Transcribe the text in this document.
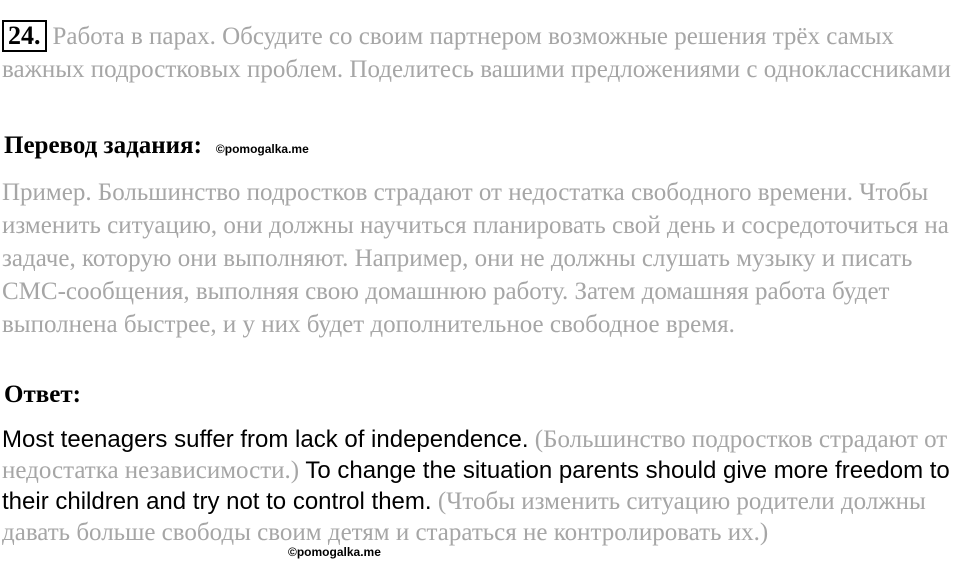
24. Работа в парах. Обсудите со своим партнером возможные решения трёх самых важных подростковых проблем. Поделитесь вашими предложениями с одноклассниками
Перевод задания: ©pomogalka.me
Пример. Большинство подростков страдают от недостатка свободного времени. Чтобы изменить ситуацию, они должны научиться планировать свой день и сосредоточиться на задаче, которую они выполняют. Например, они не должны слушать музыку и писать СМС-сообщения, выполняя свою домашнюю работу. Затем домашняя работа будет выполнена быстрее, и у них будет дополнительное свободное время.
Ответ:
Most teenagers suffer from lack of independence. (Большинство подростков страдают от недостатка независимости.) To change the situation parents should give more freedom to their children and try not to control them. (Чтобы изменить ситуацию родители должны давать больше свободы своим детям и стараться не контролировать их.)
©pomogalka.me
